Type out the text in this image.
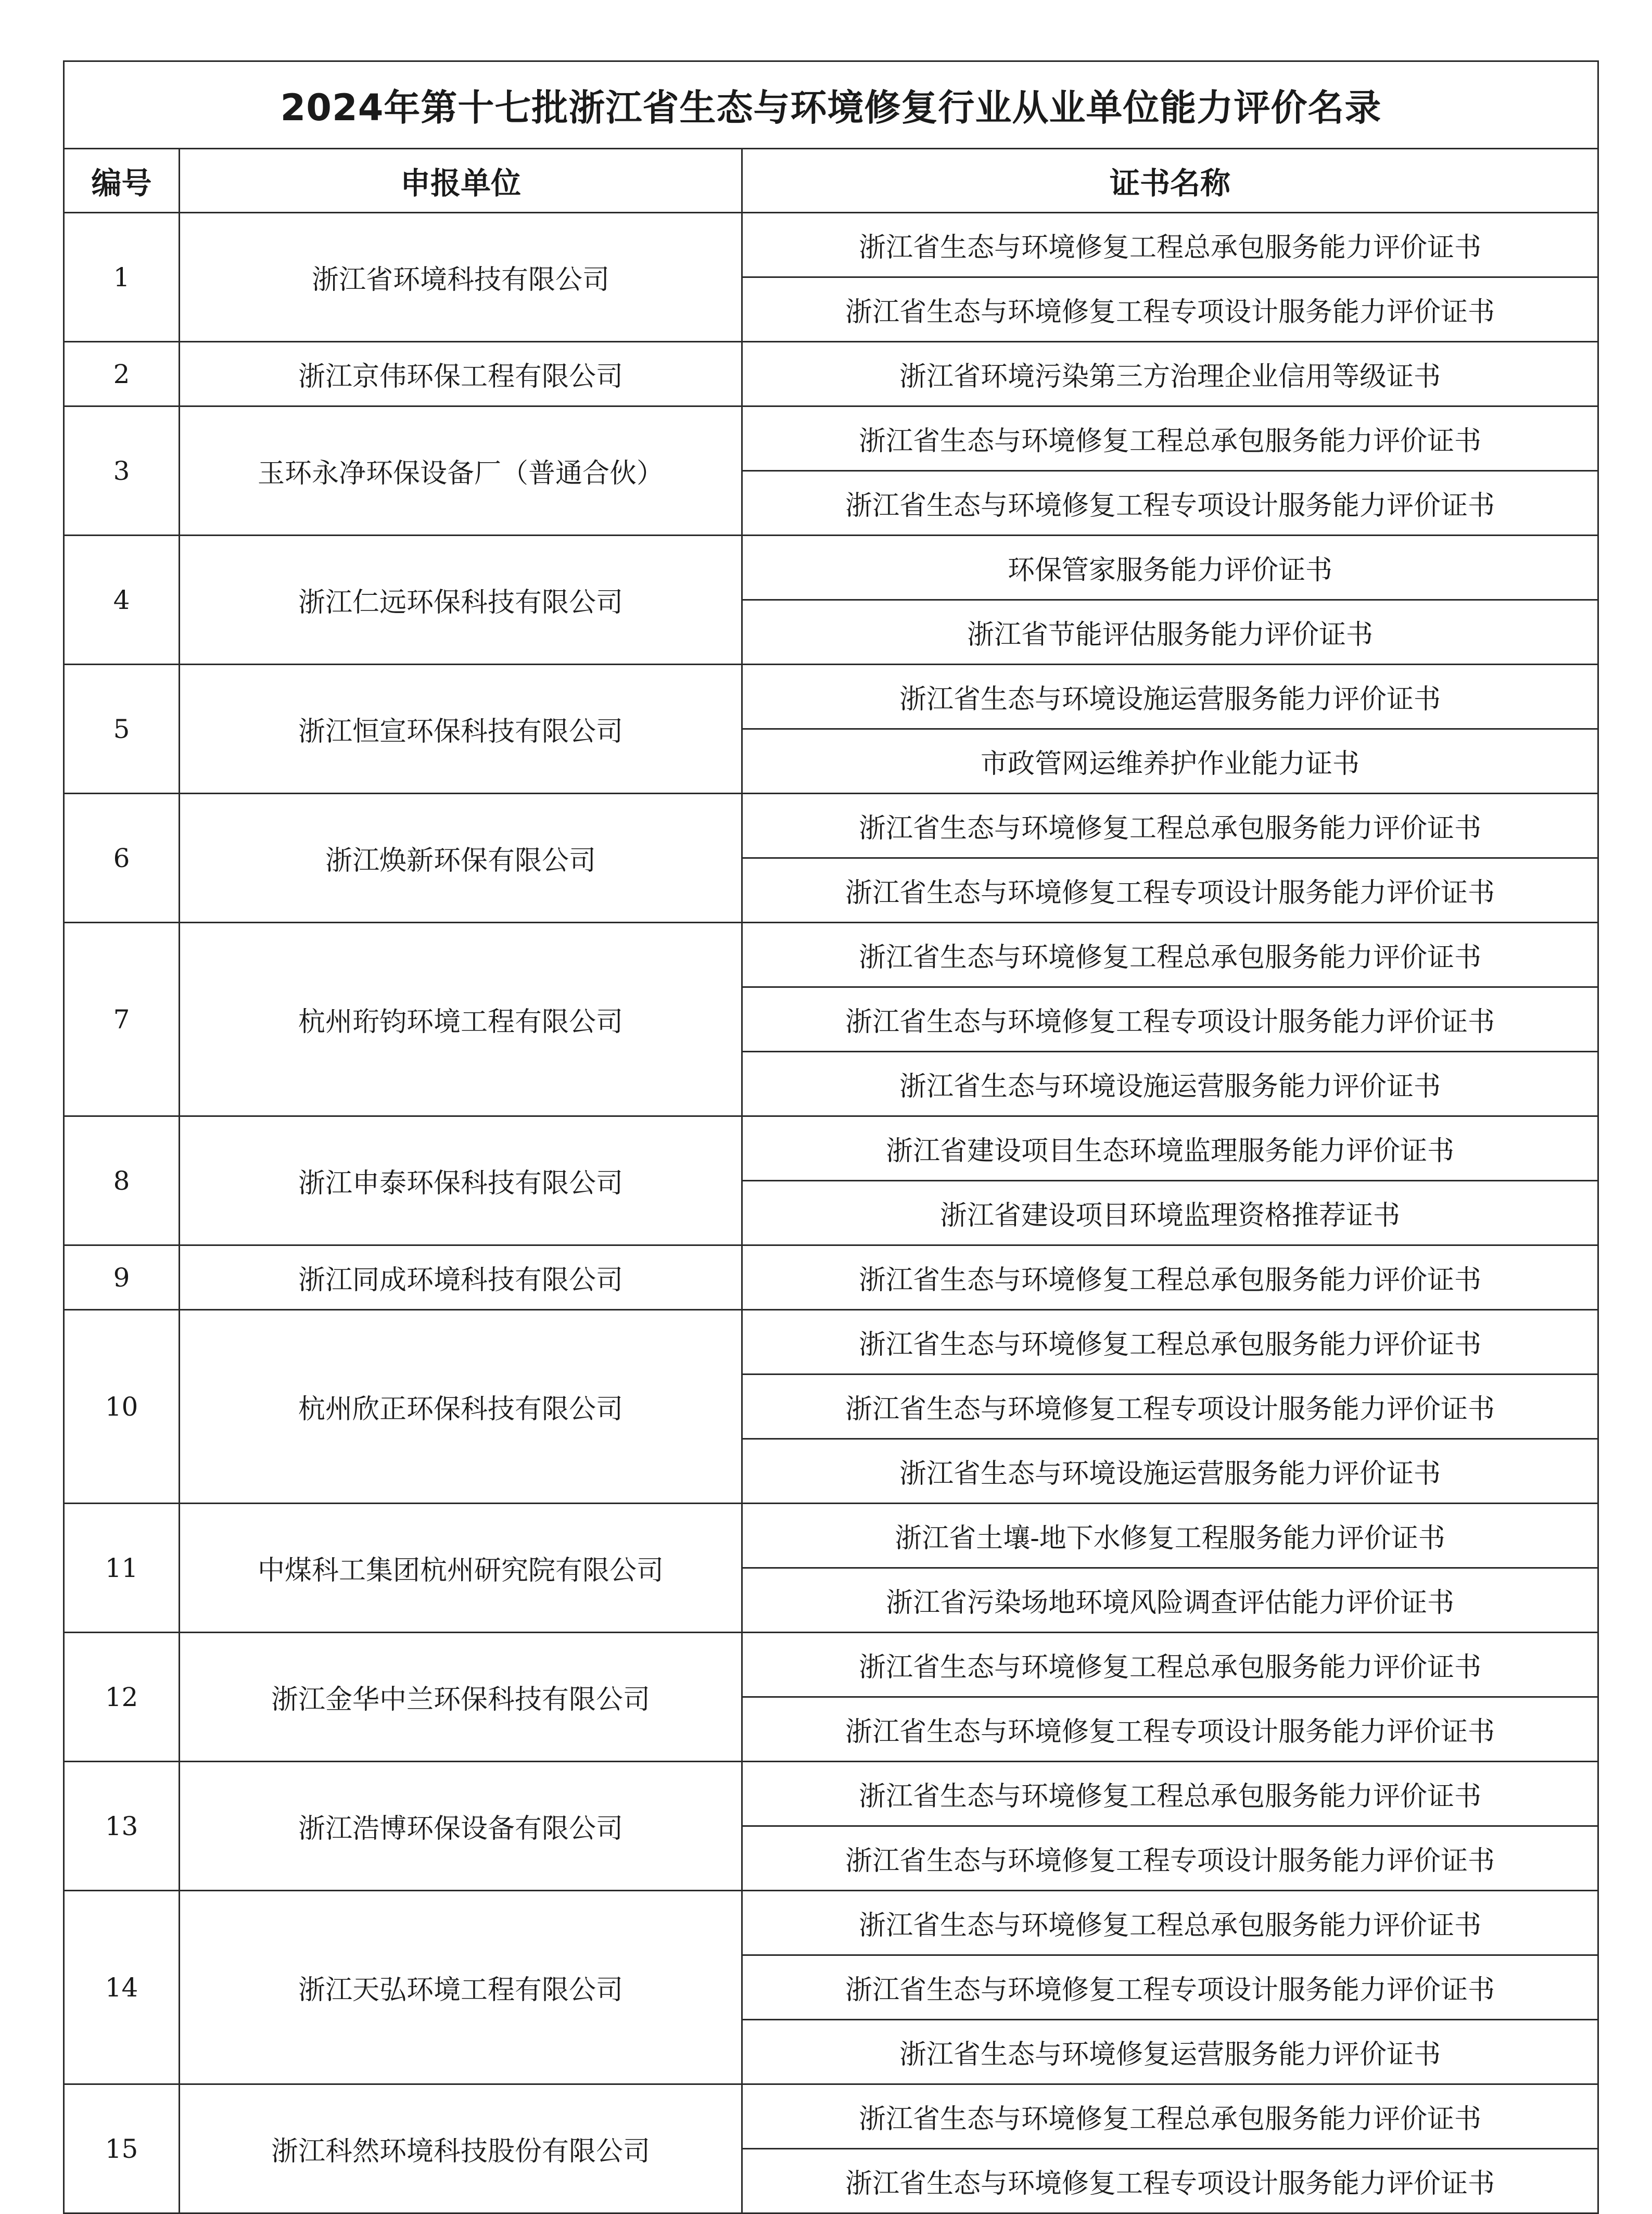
2024年第十七批浙江省生态与环境修复行业从业单位能力评价名录		
编号	申报单位	证书名称
1	浙江省环境科技有限公司	浙江省生态与环境修复工程总承包服务能力评价证书
		浙江省生态与环境修复工程专项设计服务能力评价证书
2	浙江京伟环保工程有限公司	浙江省环境污染第三方治理企业信用等级证书
3	玉环永净环保设备厂（普通合伙）	浙江省生态与环境修复工程总承包服务能力评价证书
		浙江省生态与环境修复工程专项设计服务能力评价证书
4	浙江仁远环保科技有限公司	环保管家服务能力评价证书
		浙江省节能评估服务能力评价证书
5	浙江恒宣环保科技有限公司	浙江省生态与环境设施运营服务能力评价证书
		市政管网运维养护作业能力证书
6	浙江焕新环保有限公司	浙江省生态与环境修复工程总承包服务能力评价证书
		浙江省生态与环境修复工程专项设计服务能力评价证书
7	杭州珩钧环境工程有限公司	浙江省生态与环境修复工程总承包服务能力评价证书
		浙江省生态与环境修复工程专项设计服务能力评价证书
		浙江省生态与环境设施运营服务能力评价证书
8	浙江申泰环保科技有限公司	浙江省建设项目生态环境监理服务能力评价证书
		浙江省建设项目环境监理资格推荐证书
9	浙江同成环境科技有限公司	浙江省生态与环境修复工程总承包服务能力评价证书
10	杭州欣正环保科技有限公司	浙江省生态与环境修复工程总承包服务能力评价证书
		浙江省生态与环境修复工程专项设计服务能力评价证书
		浙江省生态与环境设施运营服务能力评价证书
11	中煤科工集团杭州研究院有限公司	浙江省土壤-地下水修复工程服务能力评价证书
		浙江省污染场地环境风险调查评估能力评价证书
12	浙江金华中兰环保科技有限公司	浙江省生态与环境修复工程总承包服务能力评价证书
		浙江省生态与环境修复工程专项设计服务能力评价证书
13	浙江浩博环保设备有限公司	浙江省生态与环境修复工程总承包服务能力评价证书
		浙江省生态与环境修复工程专项设计服务能力评价证书
14	浙江天弘环境工程有限公司	浙江省生态与环境修复工程总承包服务能力评价证书
		浙江省生态与环境修复工程专项设计服务能力评价证书
		浙江省生态与环境修复运营服务能力评价证书
15	浙江科然环境科技股份有限公司	浙江省生态与环境修复工程总承包服务能力评价证书
		浙江省生态与环境修复工程专项设计服务能力评价证书
